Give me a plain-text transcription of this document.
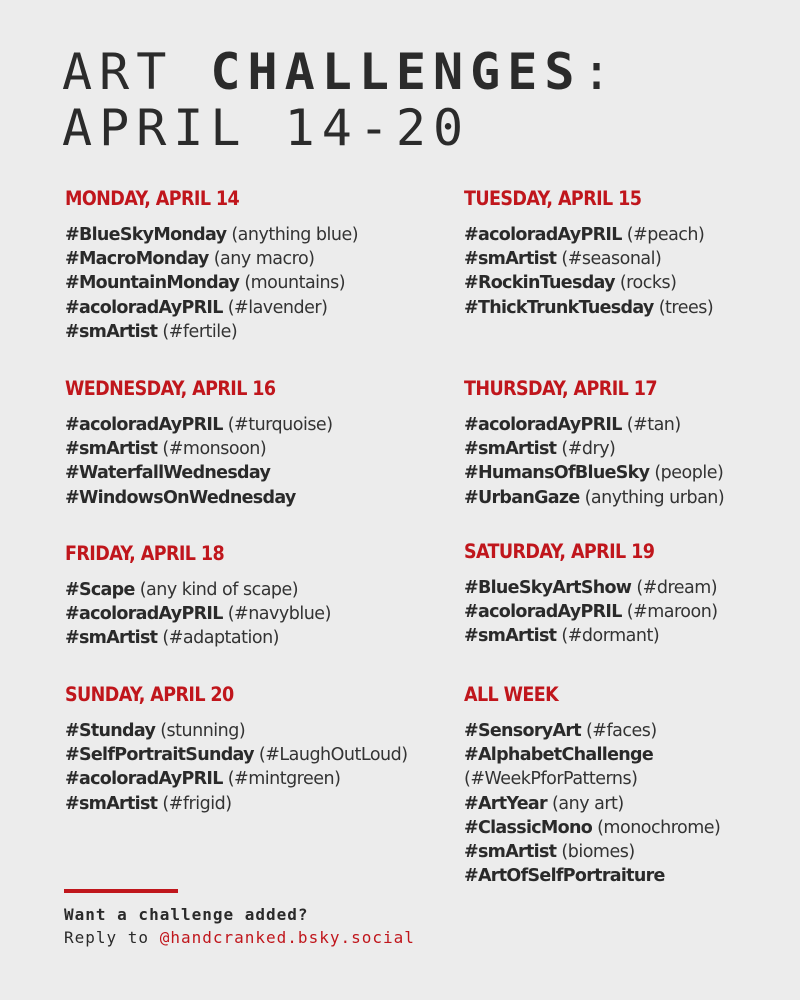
ART CHALLENGES:
APRIL 14-20
MONDAY, APRIL 14

#BlueSkyMonday (anything blue)

#MacroMonday (any macro)

#MountainMonday (mountains)

#acoloradAyPRIL (#lavender)

#smArtist (#fertile)

WEDNESDAY, APRIL 16

#acoloradAyPRIL (#turquoise)

#smArtist (#monsoon)

#WaterfallWednesday

#WindowsOnWednesday

FRIDAY, APRIL 18

#Scape (any kind of scape)

#acoloradAyPRIL (#navyblue)

#smArtist (#adaptation)

SUNDAY, APRIL 20

#Stunday (stunning)

#SelfPortraitSunday (#LaughOutLoud)

#acoloradAyPRIL (#mintgreen)

#smArtist (#frigid)

TUESDAY, APRIL 15

#acoloradAyPRIL (#peach)

#smArtist (#seasonal)

#RockinTuesday (rocks)

#ThickTrunkTuesday (trees)

THURSDAY, APRIL 17

#acoloradAyPRIL (#tan)

#smArtist (#dry)

#HumansOfBlueSky (people)

#UrbanGaze (anything urban)

SATURDAY, APRIL 19

#BlueSkyArtShow (#dream)

#acoloradAyPRIL (#maroon)

#smArtist (#dormant)

ALL WEEK

#SensoryArt (#faces)

#AlphabetChallenge

(#WeekPforPatterns)

#ArtYear (any art)

#ClassicMono (monochrome)

#smArtist (biomes)

#ArtOfSelfPortraiture

Want a challenge added?
Reply to @handcranked.bsky.social
